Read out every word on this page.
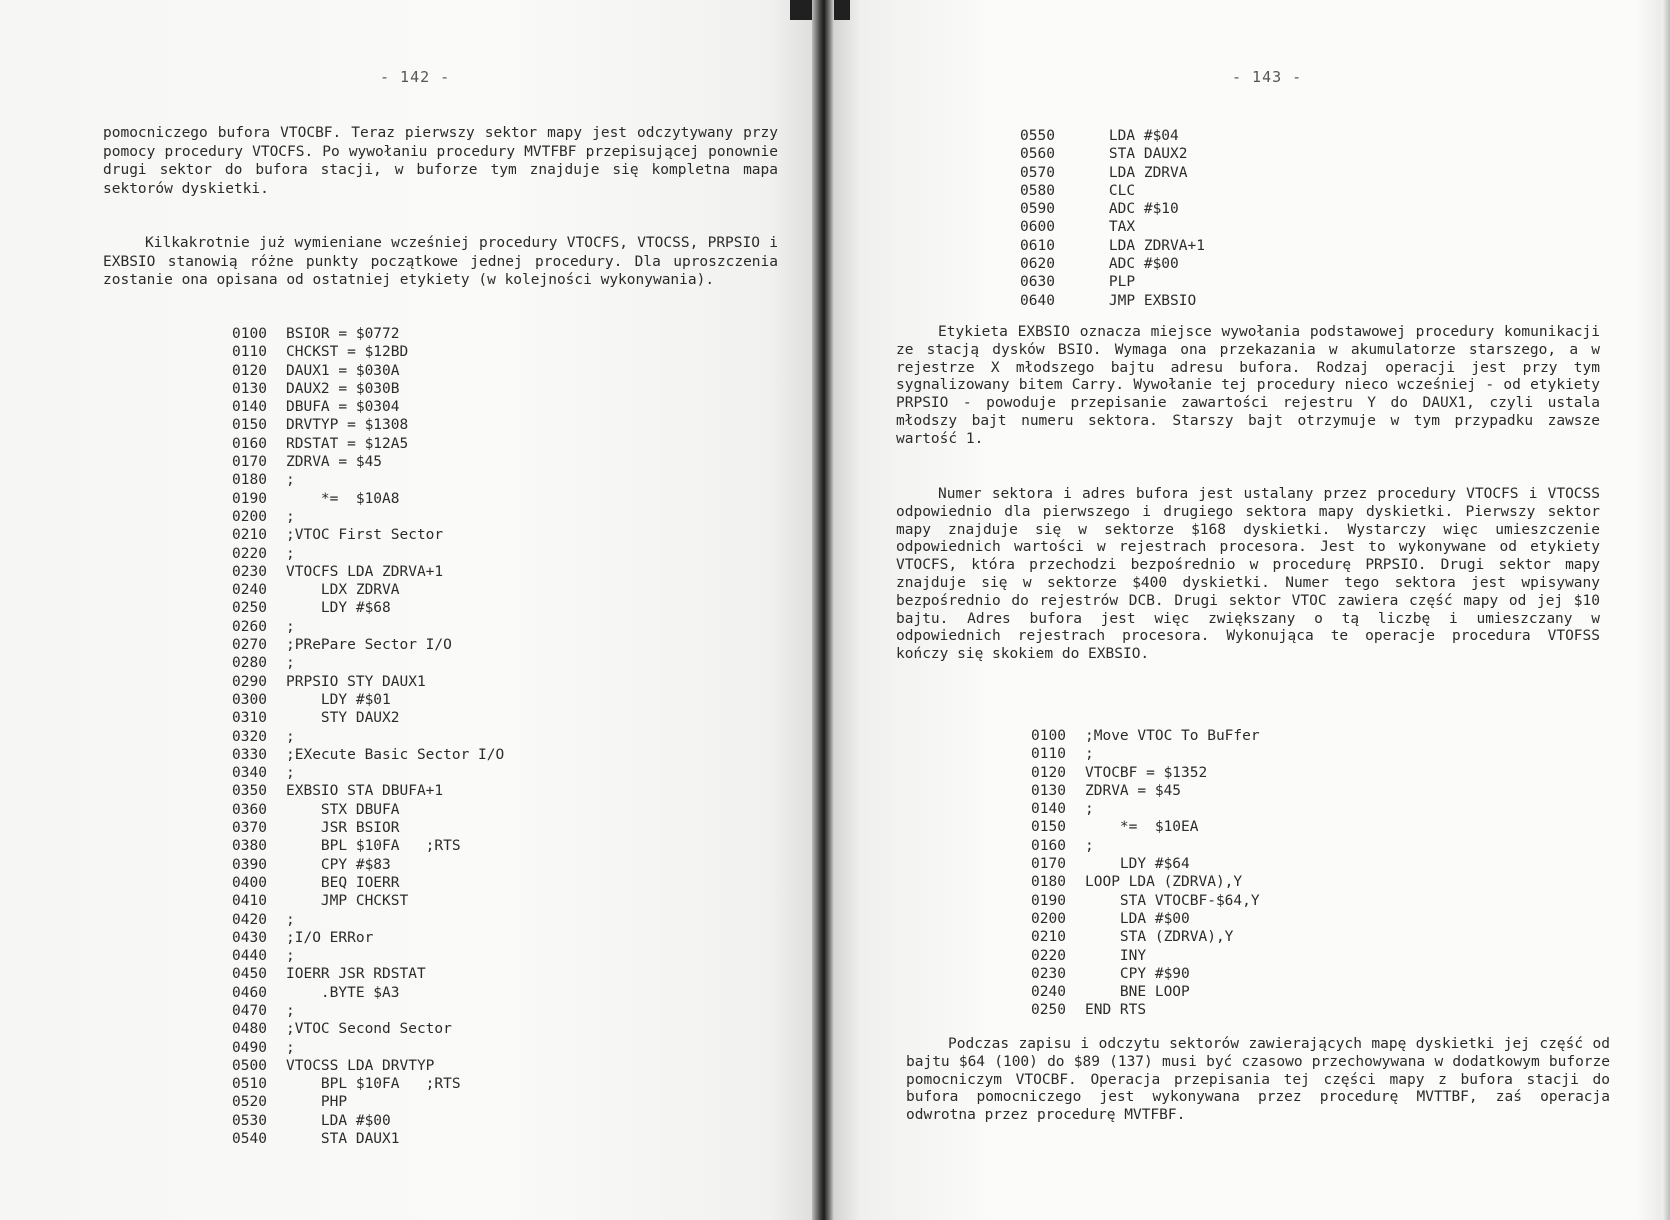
- 142 -

pomocniczego bufora VTOCBF. Teraz pierwszy sektor mapy jest odczytywany przy pomocy procedury VTOCFS. Po wywołaniu procedury MVTFBF przepisującej ponownie drugi sektor do bufora stacji, w buforze tym znajduje się kompletna mapa sektorów dyskietki.

Kilkakrotnie już wymieniane wcześniej procedury VTOCFS, VTOCSS, PRPSIO i EXBSIO stanowią różne punkty początkowe jednej procedury. Dla uproszczenia zostanie ona opisana od ostatniej etykiety (w kolejności wykonywania).

0100 BSIOR = $0772
0110 CHCKST = $12BD
0120 DAUX1 = $030A
0130 DAUX2 = $030B
0140 DBUFA = $0304
0150 DRVTYP = $1308
0160 RDSTAT = $12A5
0170 ZDRVA = $45
0180 ;
0190    *=  $10A8
0200 ;
0210 ;VTOC First Sector
0220 ;
0230 VTOCFS LDA ZDRVA+1
0240    LDX ZDRVA
0250    LDY #$68
0260 ;
0270 ;PRePare Sector I/O
0280 ;
0290 PRPSIO STY DAUX1
0300    LDY #$01
0310    STY DAUX2
0320 ;
0330 ;EXecute Basic Sector I/O
0340 ;
0350 EXBSIO STA DBUFA+1
0360    STX DBUFA
0370    JSR BSIOR
0380    BPL $10FA   ;RTS
0390    CPY #$83
0400    BEQ IOERR
0410    JMP CHCKST
0420 ;
0430 ;I/O ERRor
0440 ;
0450 IOERR JSR RDSTAT
0460    .BYTE $A3
0470 ;
0480 ;VTOC Second Sector
0490 ;
0500 VTOCSS LDA DRVTYP
0510    BPL $10FA   ;RTS
0520    PHP
0530    LDA #$00
0540    STA DAUX1
- 143 -
0550    LDA #$04
0560    STA DAUX2
0570    LDA ZDRVA
0580    CLC
0590    ADC #$10
0600    TAX
0610    LDA ZDRVA+1
0620    ADC #$00
0630    PLP
0640    JMP EXBSIO

Etykieta EXBSIO oznacza miejsce wywołania podstawowej procedury komunikacji ze stacją dysków BSIO. Wymaga ona przekazania w akumulatorze starszego, a w rejestrze X młodszego bajtu adresu bufora. Rodzaj operacji jest przy tym sygnalizowany bitem Carry. Wywołanie tej procedury nieco wcześniej - od etykiety PRPSIO - powoduje przepisanie zawartości rejestru Y do DAUX1, czyli ustala młodszy bajt numeru sektora. Starszy bajt otrzymuje w tym przypadku zawsze wartość 1.

Numer sektora i adres bufora jest ustalany przez procedury VTOCFS i VTOCSS odpowiednio dla pierwszego i drugiego sektora mapy dyskietki. Pierwszy sektor mapy znajduje się w sektorze $168 dyskietki. Wystarczy więc umieszczenie odpowiednich wartości w rejestrach procesora. Jest to wykonywane od etykiety VTOCFS, która przechodzi bezpośrednio w procedurę PRPSIO. Drugi sektor mapy znajduje się w sektorze $400 dyskietki. Numer tego sektora jest wpisywany bezpośrednio do rejestrów DCB. Drugi sektor VTOC zawiera część mapy od jej $10 bajtu. Adres bufora jest więc zwiększany o tą liczbę i umieszczany w odpowiednich rejestrach procesora. Wykonująca te operacje procedura VTOFSS kończy się skokiem do EXBSIO.

0100 ;Move VTOC To BuFfer
0110 ;
0120 VTOCBF = $1352
0130 ZDRVA = $45
0140 ;
0150    *=  $10EA
0160 ;
0170    LDY #$64
0180 LOOP LDA (ZDRVA),Y
0190    STA VTOCBF-$64,Y
0200    LDA #$00
0210    STA (ZDRVA),Y
0220    INY
0230    CPY #$90
0240    BNE LOOP
0250 END RTS

Podczas zapisu i odczytu sektorów zawierających mapę dyskietki jej część od bajtu $64 (100) do $89 (137) musi być czasowo przechowywana w dodatkowym buforze pomocniczym VTOCBF. Operacja przepisania tej części mapy z bufora stacji do bufora pomocniczego jest wykonywana przez procedurę MVTTBF, zaś operacja odwrotna przez procedurę MVTFBF.
